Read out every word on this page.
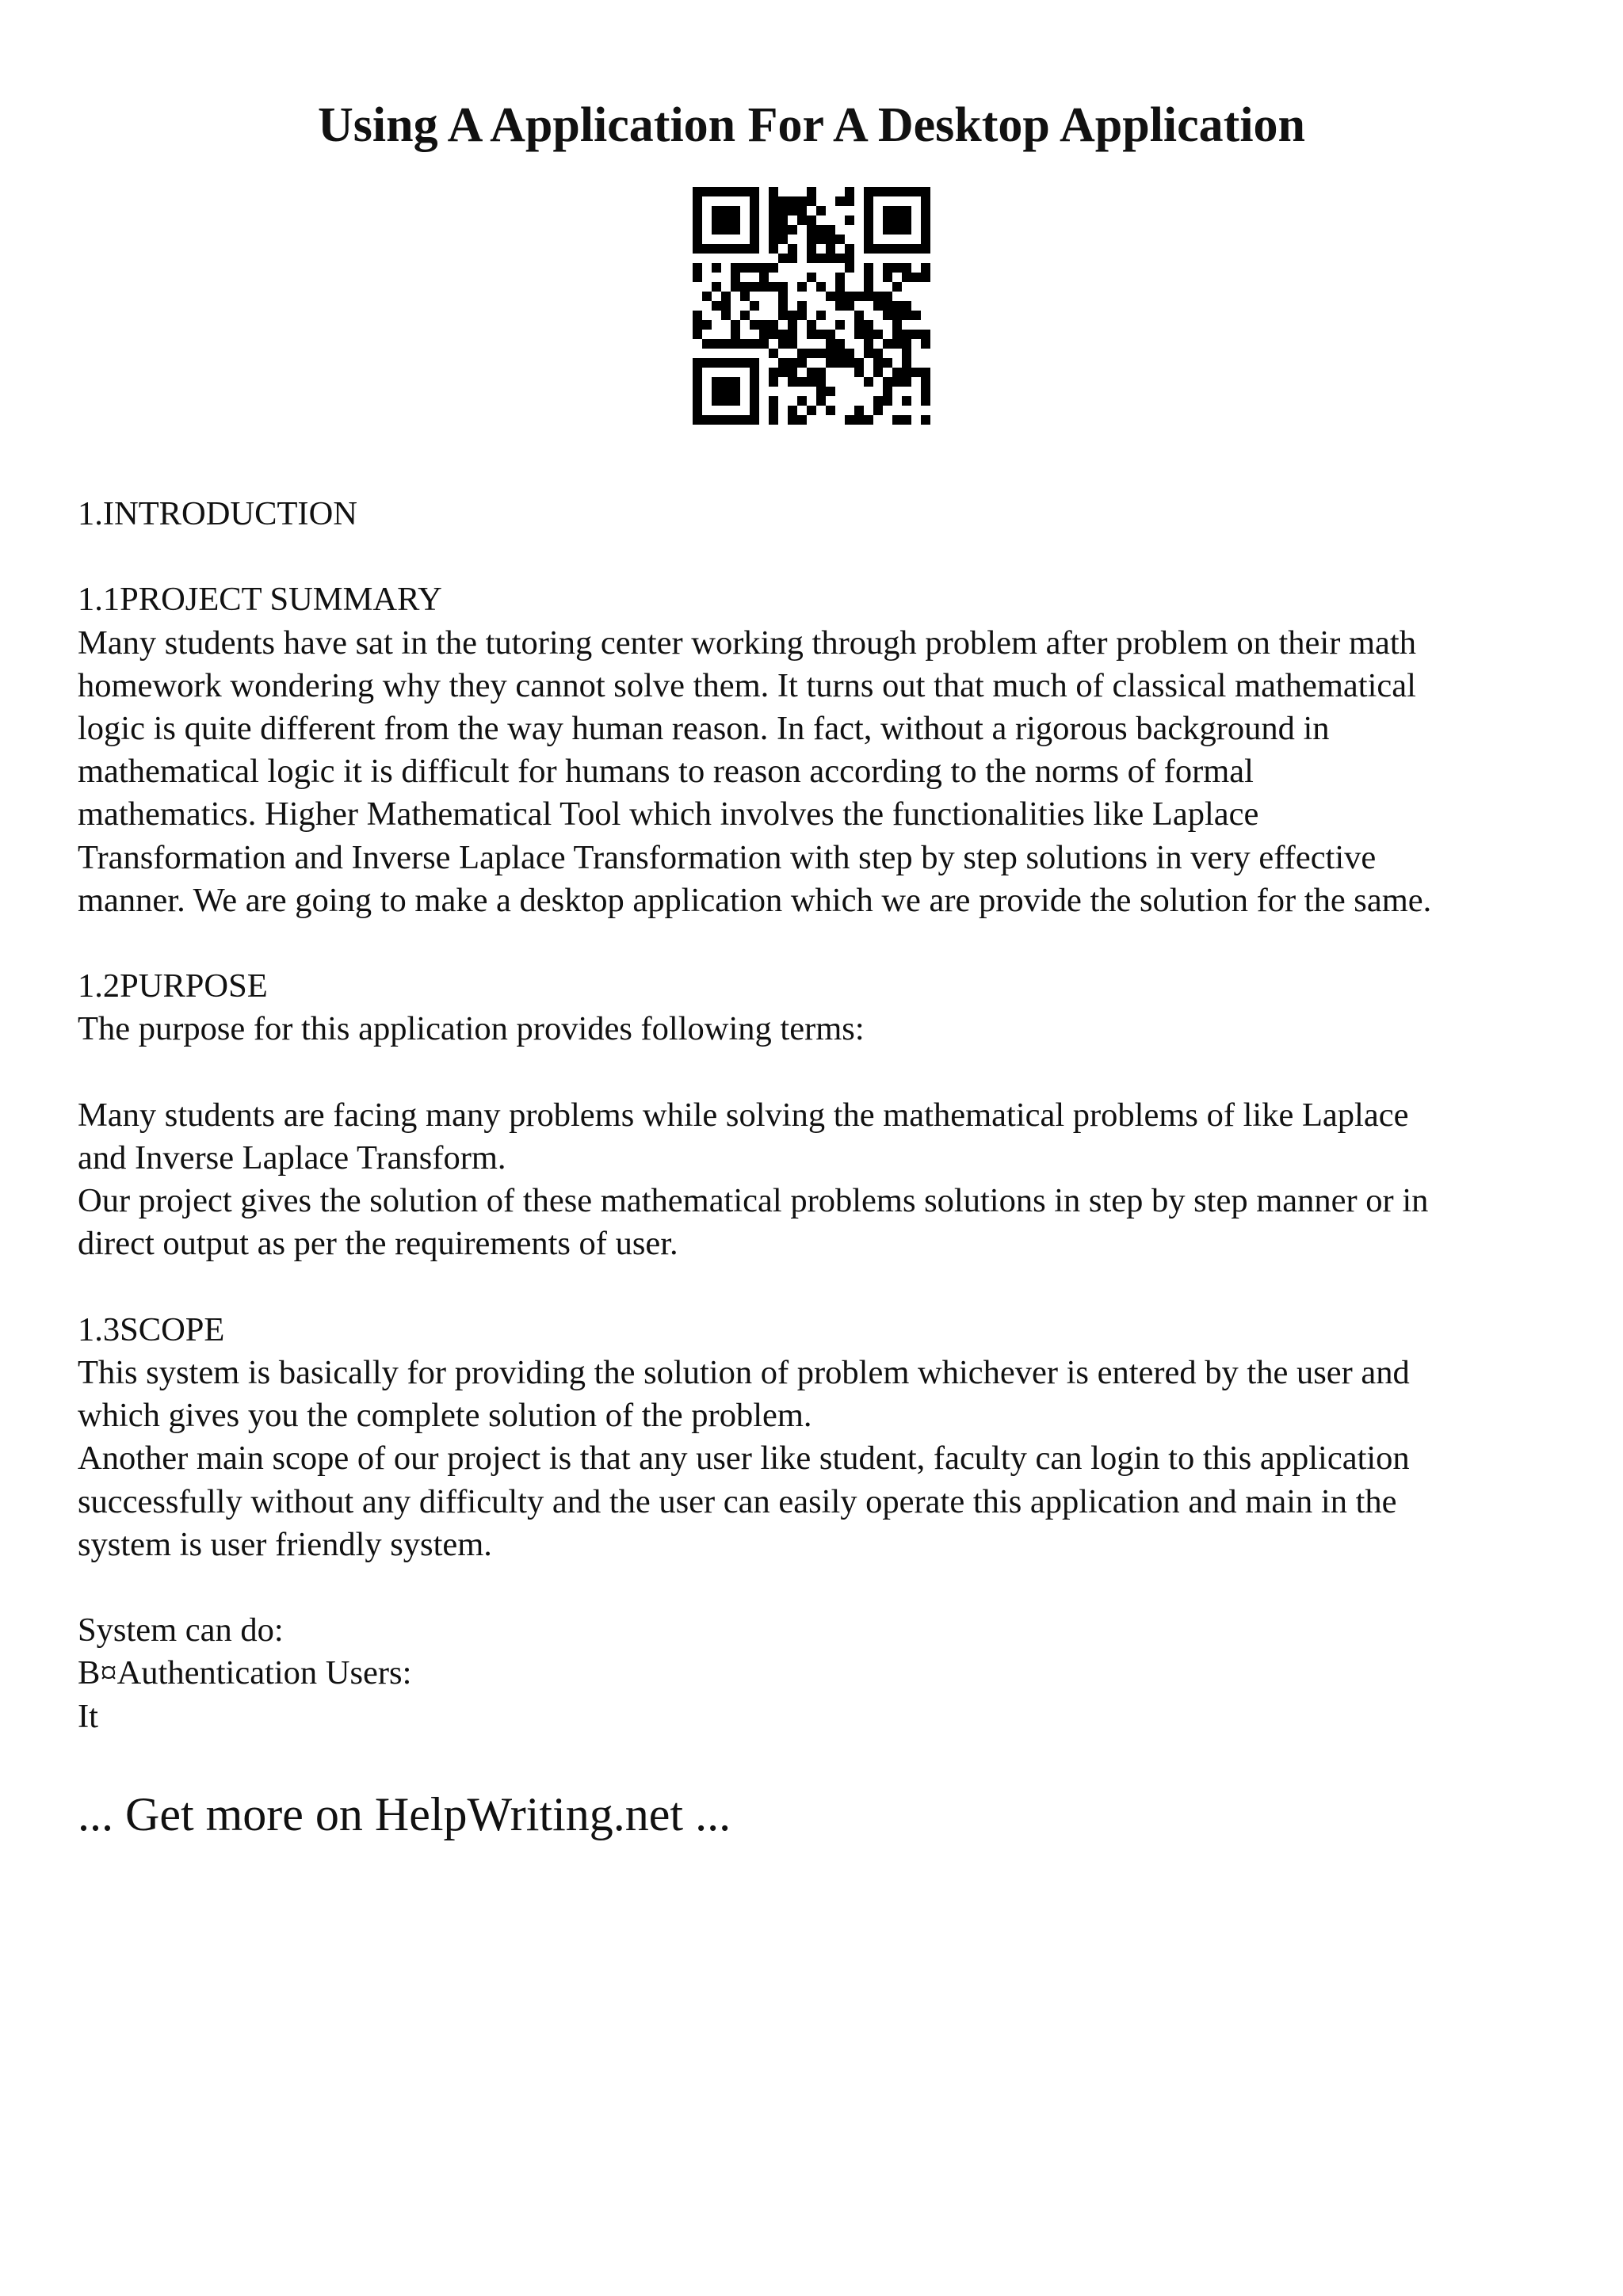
Using A Application For A Desktop Application
1.INTRODUCTION
1.1PROJECT SUMMARY
Many students have sat in the tutoring center working through problem after problem on their math
homework wondering why they cannot solve them. It turns out that much of classical mathematical
logic is quite different from the way human reason. In fact, without a rigorous background in
mathematical logic it is difficult for humans to reason according to the norms of formal
mathematics. Higher Mathematical Tool which involves the functionalities like Laplace
Transformation and Inverse Laplace Transformation with step by step solutions in very effective
manner. We are going to make a desktop application which we are provide the solution for the same.
1.2PURPOSE
The purpose for this application provides following terms:
Many students are facing many problems while solving the mathematical problems of like Laplace
and Inverse Laplace Transform.
Our project gives the solution of these mathematical problems solutions in step by step manner or in
direct output as per the requirements of user.
1.3SCOPE
This system is basically for providing the solution of problem whichever is entered by the user and
which gives you the complete solution of the problem.
Another main scope of our project is that any user like student, faculty can login to this application
successfully without any difficulty and the user can easily operate this application and main in the
system is user friendly system.
System can do:
B¤Authentication Users:
It
... Get more on HelpWriting.net ...
